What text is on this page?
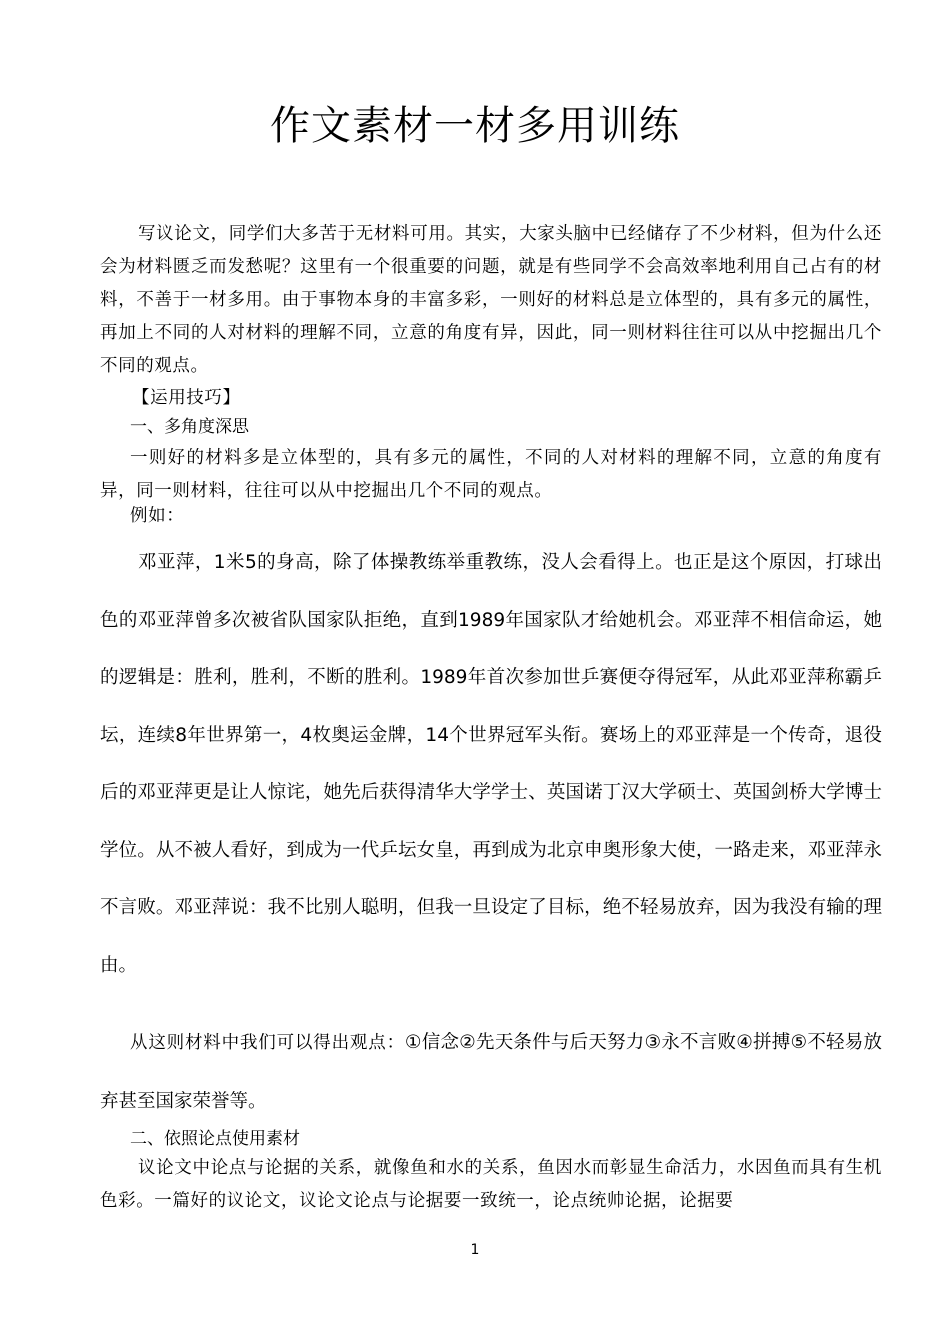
作文素材一材多用训练

写议论文，同学们大多苦于无材料可用。其实，大家头脑中已经储存了不少材料，但为什么还会为材料匮乏而发愁呢？这里有一个很重要的问题，就是有些同学不会高效率地利用自己占有的材料，不善于一材多用。由于事物本身的丰富多彩，一则好的材料总是立体型的，具有多元的属性，再加上不同的人对材料的理解不同，立意的角度有异，因此，同一则材料往往可以从中挖掘出几个不同的观点。

【运用技巧】

一、多角度深思

一则好的材料多是立体型的，具有多元的属性，不同的人对材料的理解不同，立意的角度有异，同一则材料，往往可以从中挖掘出几个不同的观点。

例如：

邓亚萍，1米5的身高，除了体操教练举重教练，没人会看得上。也正是这个原因，打球出色的邓亚萍曾多次被省队国家队拒绝，直到1989年国家队才给她机会。邓亚萍不相信命运，她的逻辑是：胜利，胜利，不断的胜利。1989年首次参加世乒赛便夺得冠军，从此邓亚萍称霸乒坛，连续8年世界第一，4枚奥运金牌，14个世界冠军头衔。赛场上的邓亚萍是一个传奇，退役后的邓亚萍更是让人惊诧，她先后获得清华大学学士、英国诺丁汉大学硕士、英国剑桥大学博士学位。从不被人看好，到成为一代乒坛女皇，再到成为北京申奥形象大使，一路走来，邓亚萍永不言败。邓亚萍说：我不比别人聪明，但我一旦设定了目标，绝不轻易放弃，因为我没有输的理由。

从这则材料中我们可以得出观点：①信念②先天条件与后天努力③永不言败④拼搏⑤不轻易放弃甚至国家荣誉等。

二、依照论点使用素材

议论文中论点与论据的关系，就像鱼和水的关系，鱼因水而彰显生命活力，水因鱼而具有生机色彩。一篇好的议论文，议论文论点与论据要一致统一，论点统帅论据，论据要

1
